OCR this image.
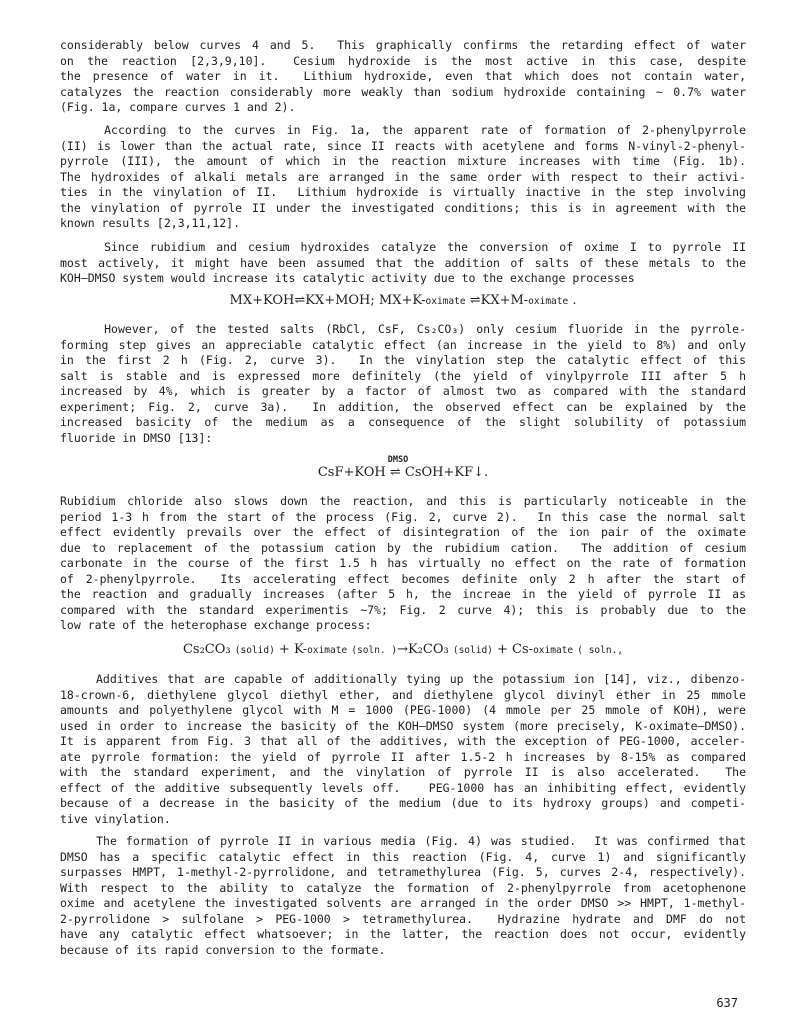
considerably below curves 4 and 5.  This graphically confirms the retarding effect of water
on the reaction [2,3,9,10].  Cesium hydroxide is the most active in this case, despite
the presence of water in it.  Lithium hydroxide, even that which does not contain water,
catalyzes the reaction considerably more weakly than sodium hydroxide containing ~ 0.7% water
(Fig. 1a, compare curves 1 and 2).
According to the curves in Fig. 1a, the apparent rate of formation of 2-phenylpyrrole
(II) is lower than the actual rate, since II reacts with acetylene and forms N-vinyl-2-phenyl-
pyrrole (III), the amount of which in the reaction mixture increases with time (Fig. 1b).
The hydroxides of alkali metals are arranged in the same order with respect to their activi-
ties in the vinylation of II.  Lithium hydroxide is virtually inactive in the step involving
the vinylation of pyrrole II under the investigated conditions; this is in agreement with the
known results [2,3,11,12].
Since rubidium and cesium hydroxides catalyze the conversion of oxime I to pyrrole II
most actively, it might have been assumed that the addition of salts of these metals to the
KOH—DMSO system would increase its catalytic activity due to the exchange processes
MX+KOH⇌KX+MOH; MX+K-oximate ⇌KX+M-oximate .
However, of the tested salts (RbCl, CsF, Cs₂CO₃) only cesium fluoride in the pyrrole-
forming step gives an appreciable catalytic effect (an increase in the yield to 8%) and only
in the first 2 h (Fig. 2, curve 3).  In the vinylation step the catalytic effect of this
salt is stable and is expressed more definitely (the yield of vinylpyrrole III after 5 h
increased by 4%, which is greater by a factor of almost two as compared with the standard
experiment; Fig. 2, curve 3a).  In addition, the observed effect can be explained by the
increased basicity of the medium as a consequence of the slight solubility of potassium
fluoride in DMSO [13]:
DMSO
CsF+KOH ⇌ CsOH+KF↓.
Rubidium chloride also slows down the reaction, and this is particularly noticeable in the
period 1-3 h from the start of the process (Fig. 2, curve 2).  In this case the normal salt
effect evidently prevails over the effect of disintegration of the ion pair of the oximate
due to replacement of the potassium cation by the rubidium cation.  The addition of cesium
carbonate in the course of the first 1.5 h has virtually no effect on the rate of formation
of 2-phenylpyrrole.  Its accelerating effect becomes definite only 2 h after the start of
the reaction and gradually increases (after 5 h, the increae in the yield of pyrrole II as
compared with the standard experimentis ~7%; Fig. 2 curve 4); this is probably due to the
low rate of the heterophase exchange process:
Cs₂CO₃ (solid) + K-oximate (soln. )→K₂CO₃ (solid) + Cs-oximate ( soln.,
Additives that are capable of additionally tying up the potassium ion [14], viz., dibenzo-
18-crown-6, diethylene glycol diethyl ether, and diethylene glycol divinyl ether in 25 mmole
amounts and polyethylene glycol with M = 1000 (PEG-1000) (4 mmole per 25 mmole of KOH), were
used in order to increase the basicity of the KOH—DMSO system (more precisely, K-oximate—DMSO).
It is apparent from Fig. 3 that all of the additives, with the exception of PEG-1000, acceler-
ate pyrrole formation: the yield of pyrrole II after 1.5-2 h increases by 8-15% as compared
with the standard experiment, and the vinylation of pyrrole II is also accelerated.  The
effect of the additive subsequently levels off.   PEG-1000 has an inhibiting effect, evidently
because of a decrease in the basicity of the medium (due to its hydroxy groups) and competi-
tive vinylation.
The formation of pyrrole II in various media (Fig. 4) was studied.  It was confirmed that
DMSO has a specific catalytic effect in this reaction (Fig. 4, curve 1) and significantly
surpasses HMPT, 1-methyl-2-pyrrolidone, and tetramethylurea (Fig. 5, curves 2-4, respectively).
With respect to the ability to catalyze the formation of 2-phenylpyrrole from acetophenone
oxime and acetylene the investigated solvents are arranged in the order DMSO >> HMPT, 1-methyl-
2-pyrrolidone > sulfolane > PEG-1000 > tetramethylurea.  Hydrazine hydrate and DMF do not
have any catalytic effect whatsoever; in the latter, the reaction does not occur, evidently
because of its rapid conversion to the formate.
637
